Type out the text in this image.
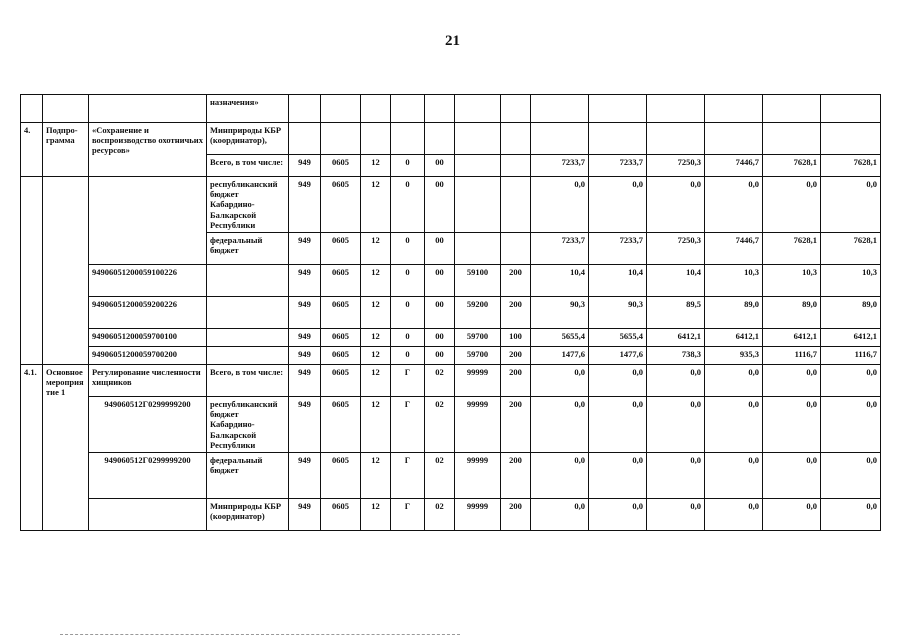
21
			назначения»													
4.	Подпро-грамма	«Сохранение и воспроизводство охотничьих ресурсов»	Минприроды КБР (координатор),													
			Всего, в том числе:	949	0605	12	0	00			7233,7	7233,7	7250,3	7446,7	7628,1	7628,1
			республиканский бюджет Кабардино-Балкарской Республики	949	0605	12	0	00			0,0	0,0	0,0	0,0	0,0	0,0
			федеральный бюджет	949	0605	12	0	00			7233,7	7233,7	7250,3	7446,7	7628,1	7628,1
		94906051200059100226		949	0605	12	0	00	59100	200	10,4	10,4	10,4	10,3	10,3	10,3
		94906051200059200226		949	0605	12	0	00	59200	200	90,3	90,3	89,5	89,0	89,0	89,0
		94906051200059700100		949	0605	12	0	00	59700	100	5655,4	5655,4	6412,1	6412,1	6412,1	6412,1
		94906051200059700200		949	0605	12	0	00	59700	200	1477,6	1477,6	738,3	935,3	1116,7	1116,7
4.1.	Основное мероприятие 1	Регулирование численности хищников	Всего, в том числе:	949	0605	12	Г	02	99999	200	0,0	0,0	0,0	0,0	0,0	0,0
		949060512Г0299999200	республиканский бюджет Кабардино-Балкарской Республики	949	0605	12	Г	02	99999	200	0,0	0,0	0,0	0,0	0,0	0,0
		949060512Г0299999200	федеральный бюджет	949	0605	12	Г	02	99999	200	0,0	0,0	0,0	0,0	0,0	0,0
			Минприроды КБР (координатор)	949	0605	12	Г	02	99999	200	0,0	0,0	0,0	0,0	0,0	0,0
